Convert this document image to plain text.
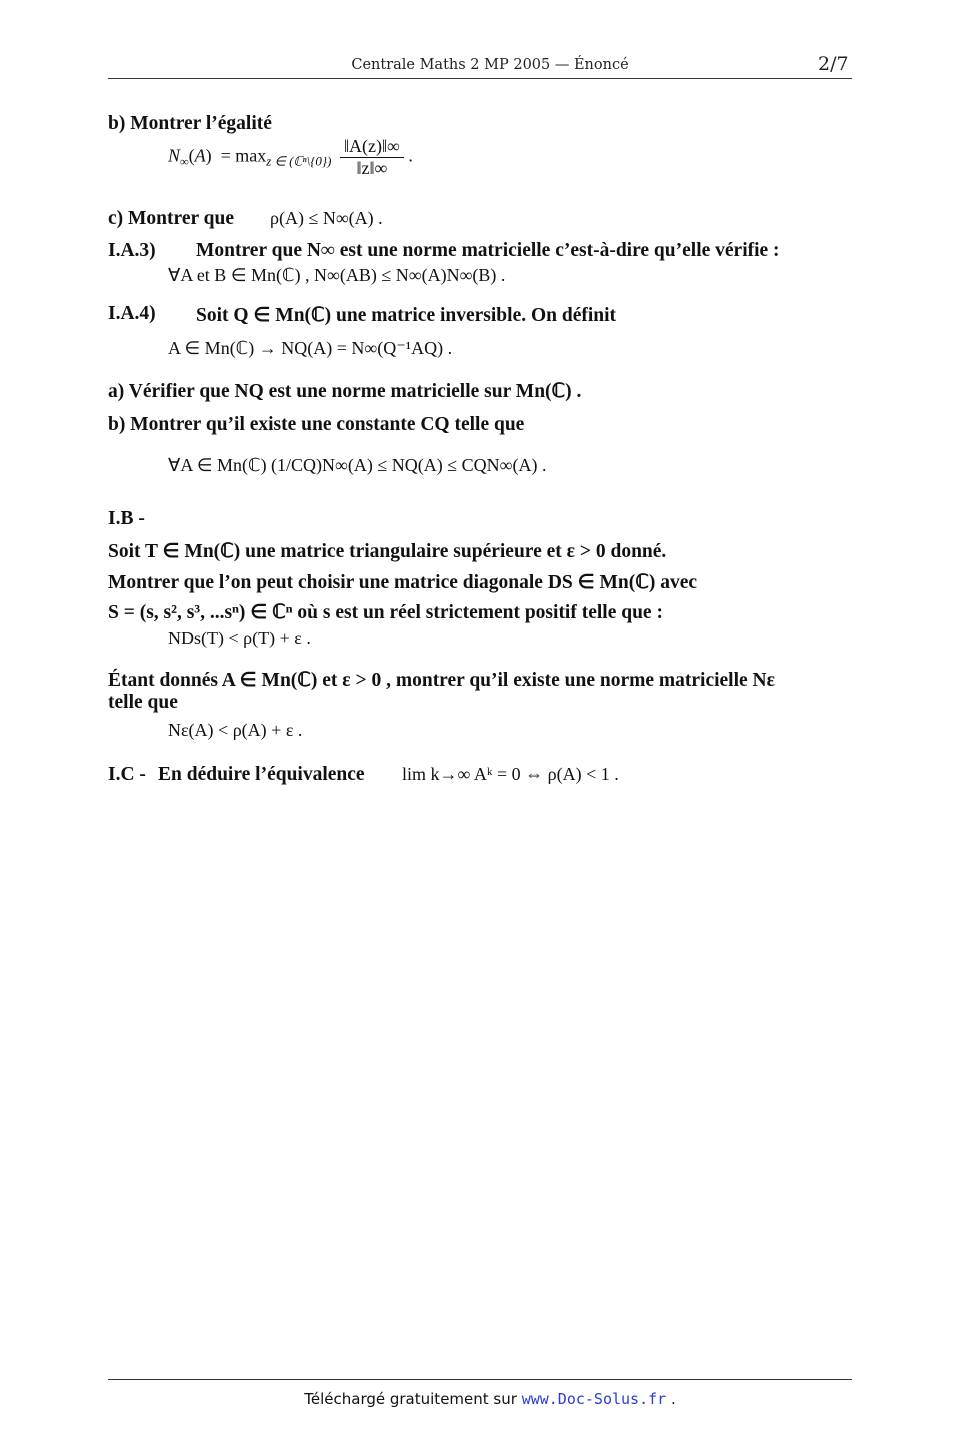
Centrale Maths 2 MP 2005 — Énoncé	2/7
b) Montrer l’égalité
$N_\infty(A) = \max_{z \in (ℂ^n\backslash\{0\})} \frac{‖A(z)‖\infty}{‖z‖\infty}$ .
c) Montrer que ρ(A) ≤ N∞(A) .
I.A.3) Montrer que N∞ est une norme matricielle c’est-à-dire qu’elle vérifie :
∀A et B ∈ Mn(ℂ) , N∞(AB) ≤ N∞(A)N∞(B) .
I.A.4) Soit Q ∈ Mn(ℂ) une matrice inversible. On définit
A ∈ Mn(ℂ) → NQ(A) = N∞(Q⁻¹AQ) .
a) Vérifier que NQ est une norme matricielle sur Mn(ℂ) .
b) Montrer qu’il existe une constante CQ telle que
∀A ∈ Mn(ℂ) (1/CQ)N∞(A) ≤ NQ(A) ≤ CQN∞(A) .
I.B -
Soit T ∈ Mn(ℂ) une matrice triangulaire supérieure et ε > 0 donné.
Montrer que l’on peut choisir une matrice diagonale DS ∈ Mn(ℂ) avec
S = (s, s², s³, ...sⁿ) ∈ ℂⁿ où s est un réel strictement positif telle que :
NDs(T) < ρ(T) + ε .
Étant donnés A ∈ Mn(ℂ) et ε > 0 , montrer qu’il existe une norme matricielle Nε
telle que
Nε(A) < ρ(A) + ε .
I.C - En déduire l’équivalence lim k→∞ Aᵏ = 0 ⇔ ρ(A) < 1 .
Téléchargé gratuitement sur www.Doc-Solus.fr .
